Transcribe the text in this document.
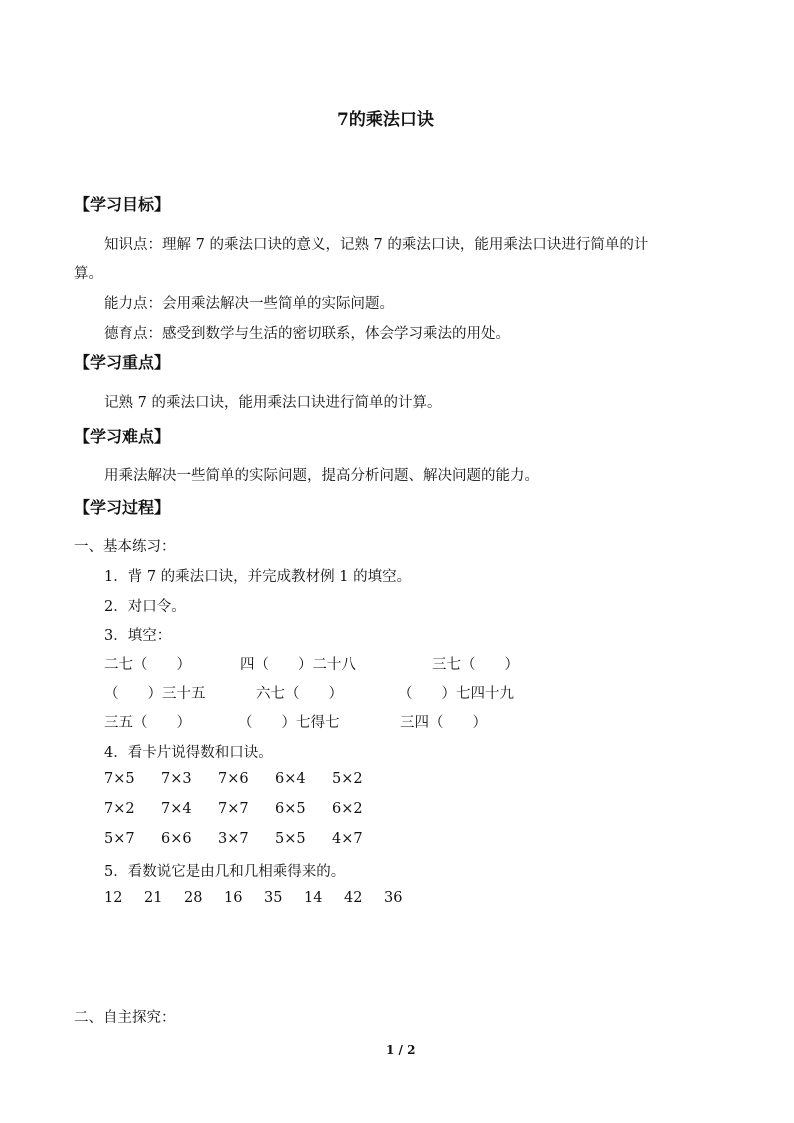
7的乘法口诀
【学习目标】
知识点：理解 7 的乘法口诀的意义，记熟 7 的乘法口诀，能用乘法口诀进行简单的计
算。
能力点：会用乘法解决一些简单的实际问题。
德育点：感受到数学与生活的密切联系，体会学习乘法的用处。
【学习重点】
记熟 7 的乘法口诀，能用乘法口诀进行简单的计算。
【学习难点】
用乘法解决一些简单的实际问题，提高分析问题、解决问题的能力。
【学习过程】
一、基本练习：
1．背 7 的乘法口诀，并完成教材例 1 的填空。
2．对口令。
3．填空：
二七（　　）	四（　　）二十八	三七（　　）
（　　）三十五	六七（　　）	（　　）七四十九
三五（　　）	（　　）七得七	三四（　　）
4．看卡片说得数和口诀。
7×5 7×3 7×6 6×4 5×2
7×2 7×4 7×7 6×5 6×2
5×7 6×6 3×7 5×5 4×7
5．看数说它是由几和几相乘得来的。
12 21 28 16 35 14 42 36
二、自主探究：
1 / 2
